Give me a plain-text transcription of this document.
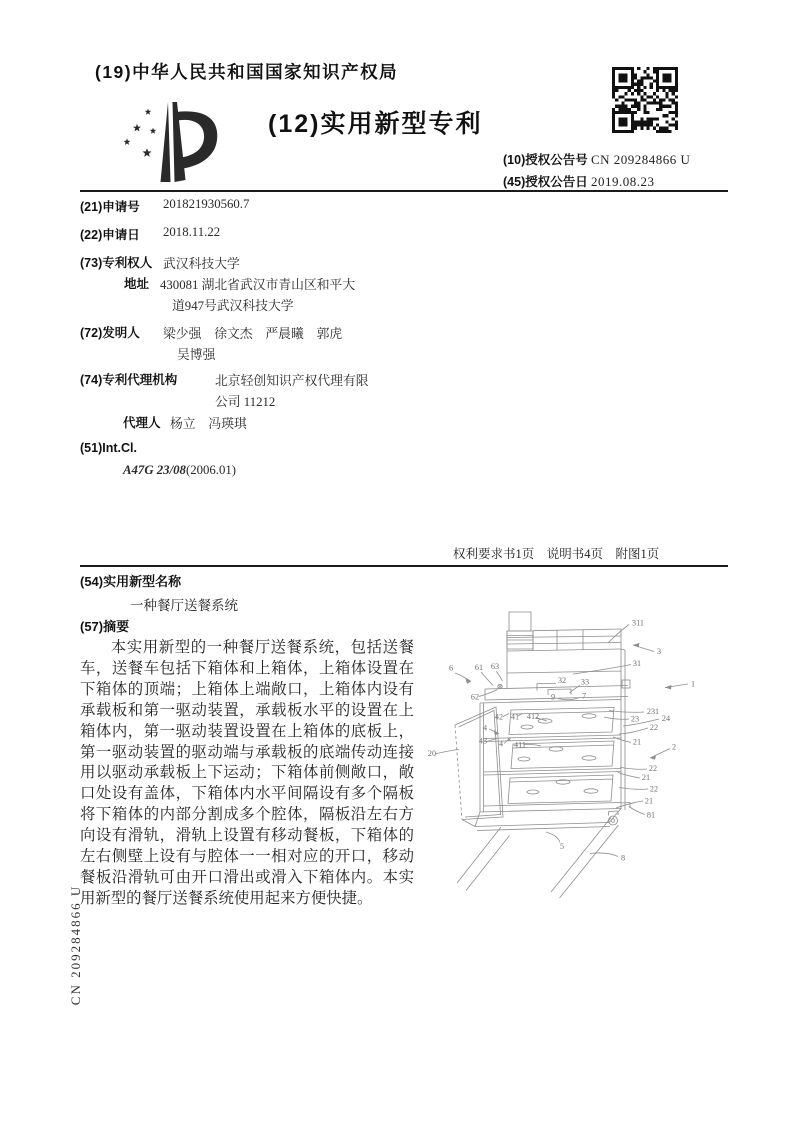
(19)中华人民共和国国家知识产权局
(12)实用新型专利
(10)授权公告号 CN 209284866 U
(45)授权公告日 2019.08.23
(21)申请号 201821930560.7
(22)申请日 2018.11.22
(73)专利权人 武汉科技大学
地址 430081 湖北省武汉市青山区和平大
道947号武汉科技大学
(72)发明人 梁少强　徐文杰　严晨曦　郭虎
吴博强
(74)专利代理机构	北京轻创知识产权代理有限
公司 11212
代理人 杨立　冯瑛琪
(51)Int.Cl.
A47G 23/08(2006.01)
权利要求书1页　说明书4页　附图1页
(54)实用新型名称
一种餐厅送餐系统
(57)摘要
本实用新型的一种餐厅送餐系统，包括送餐车，送餐车包括下箱体和上箱体，上箱体设置在下箱体的顶端；上箱体上端敞口，上箱体内设有承载板和第一驱动装置，承载板水平的设置在上箱体内，第一驱动装置设置在上箱体的底板上，第一驱动装置的驱动端与承载板的底端传动连接用以驱动承载板上下运动；下箱体前侧敞口，敞口处设有盖体，下箱体内水平间隔设有多个隔板将下箱体的内部分割成多个腔体，隔板沿左右方向设有滑轨，滑轨上设置有移动餐板，下箱体的左右侧壁上设有与腔体一一相对应的开口，移动餐板沿滑轨可由开口滑出或滑入下箱体内。本实用新型的餐厅送餐系统使用起来方便快捷。
311
3
31
1
6	61 63
62
32 33
9	7
231
23	24
22
21
2
20
4
43
42 41 412
4 411
22
21
22
21
81
5
8
CN 209284866 U
